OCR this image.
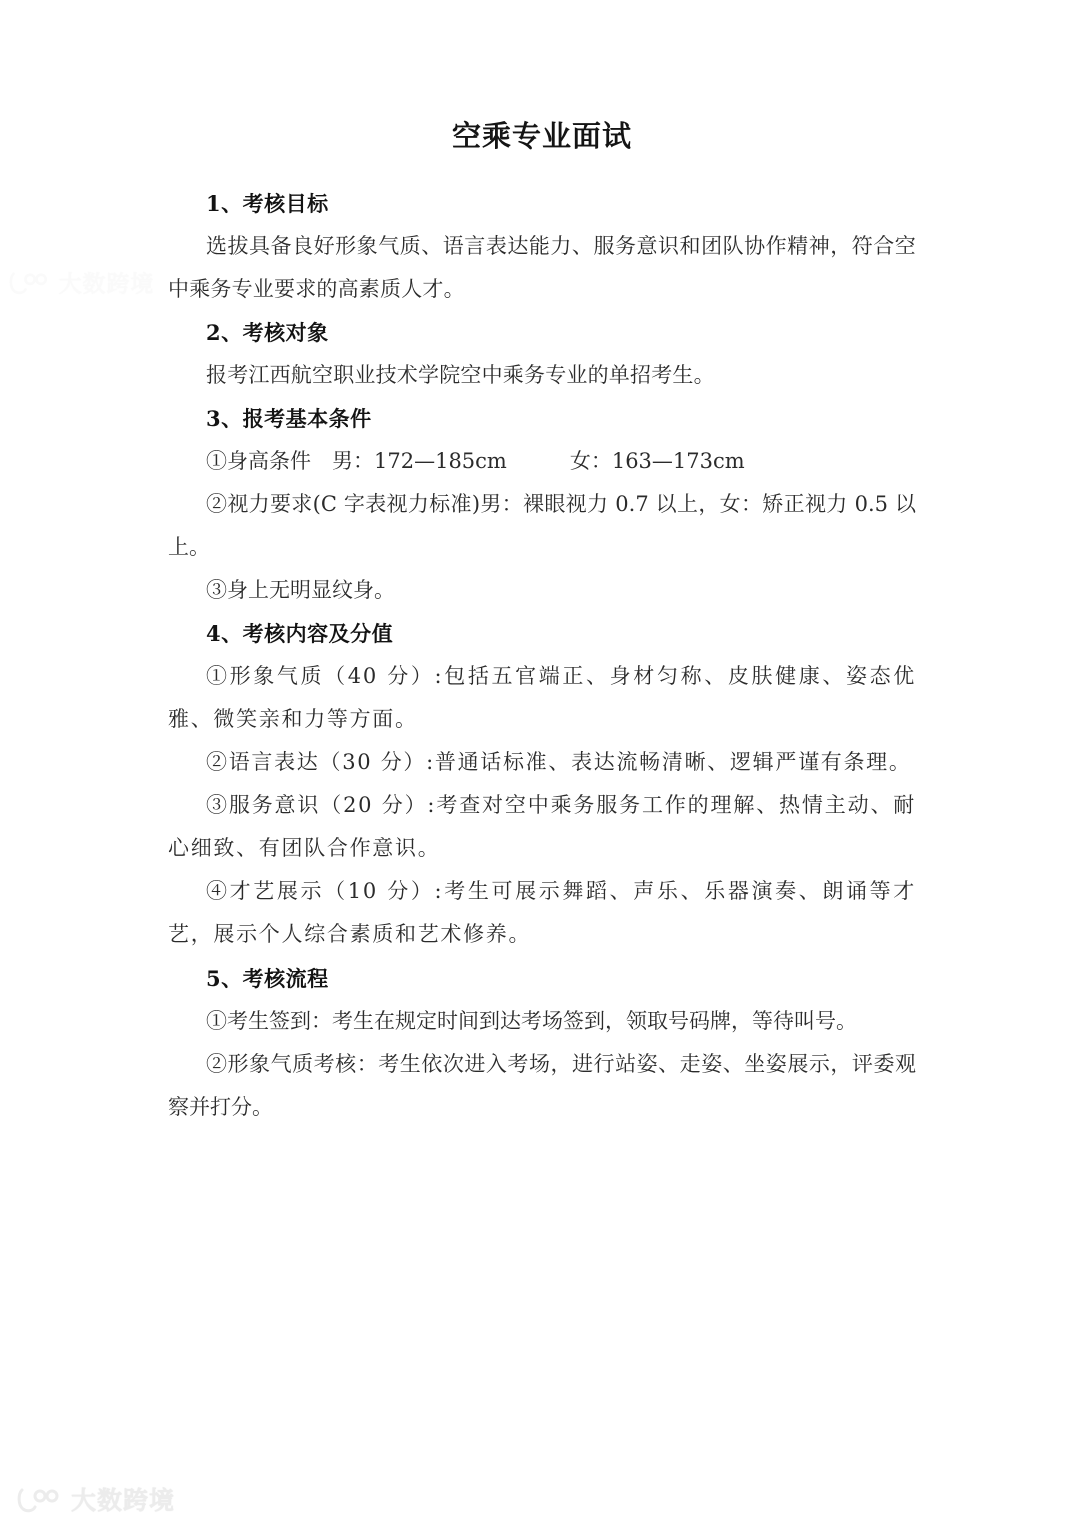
空乘专业面试
1、考核目标

选拔具备良好形象气质、语言表达能力、服务意识和团队协作精神，符合空中乘务专业要求的高素质人才。

2、考核对象

报考江西航空职业技术学院空中乘务专业的单招考生。

3、报考基本条件

①身高条件　男：172—185cm　　　女：163—173cm

②视力要求(C 字表视力标准)男：裸眼视力 0.7 以上，女：矫正视力 0.5 以上。

③身上无明显纹身。

4、考核内容及分值

①形象气质（40 分）:包括五官端正、身材匀称、皮肤健康、姿态优雅、微笑亲和力等方面。

②语言表达（30 分）:普通话标准、表达流畅清晰、逻辑严谨有条理。

③服务意识（20 分）:考查对空中乘务服务工作的理解、热情主动、耐心细致、有团队合作意识。

④才艺展示（10 分）:考生可展示舞蹈、声乐、乐器演奏、朗诵等才艺，展示个人综合素质和艺术修养。

5、考核流程

①考生签到：考生在规定时间到达考场签到，领取号码牌，等待叫号。

②形象气质考核：考生依次进入考场，进行站姿、走姿、坐姿展示，评委观察并打分。

大数跨境
大数跨境
